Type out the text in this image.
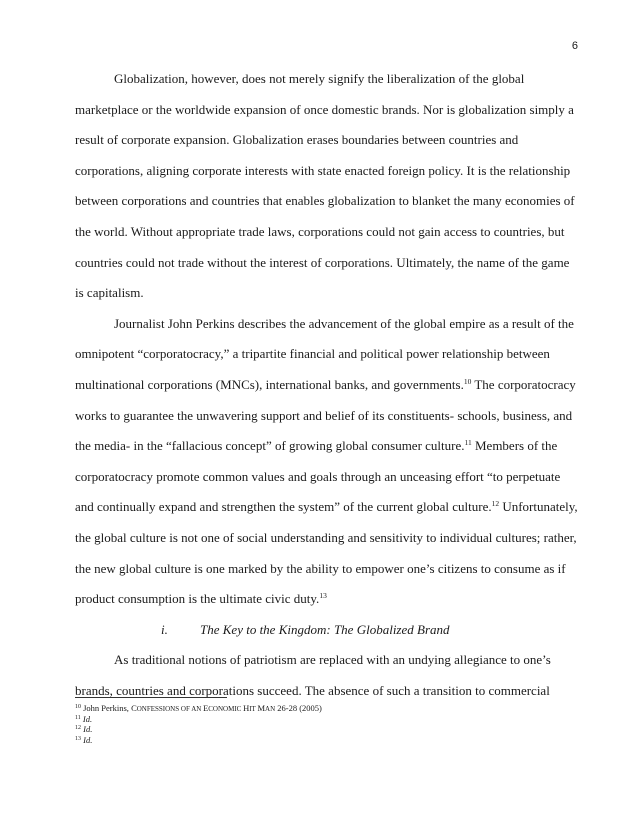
6
Globalization, however, does not merely signify the liberalization of the global
marketplace or the worldwide expansion of once domestic brands. Nor is globalization simply a
result of corporate expansion. Globalization erases boundaries between countries and
corporations, aligning corporate interests with state enacted foreign policy. It is the relationship
between corporations and countries that enables globalization to blanket the many economies of
the world. Without appropriate trade laws, corporations could not gain access to countries, but
countries could not trade without the interest of corporations. Ultimately, the name of the game
is capitalism.
Journalist John Perkins describes the advancement of the global empire as a result of the
omnipotent “corporatocracy,” a tripartite financial and political power relationship between
multinational corporations (MNCs), international banks, and governments.$^{10}$ The corporatocracy
works to guarantee the unwavering support and belief of its constituents- schools, business, and
the media- in the “fallacious concept” of growing global consumer culture.$^{11}$ Members of the
corporatocracy promote common values and goals through an unceasing effort “to perpetuate
and continually expand and strengthen the system” of the current global culture.$^{12}$ Unfortunately,
the global culture is not one of social understanding and sensitivity to individual cultures; rather,
the new global culture is one marked by the ability to empower one’s citizens to consume as if
product consumption is the ultimate civic duty.$^{13}$
i. The Key to the Kingdom: The Globalized Brand
As traditional notions of patriotism are replaced with an undying allegiance to one’s
brands, countries and corporations succeed. The absence of such a transition to commercial
$^{10}$ John Perkins, CONFESSIONS OF AN ECONOMIC HIT MAN 26-28 (2005)
$^{11}$ Id.
$^{12}$ Id.
$^{13}$ Id.
